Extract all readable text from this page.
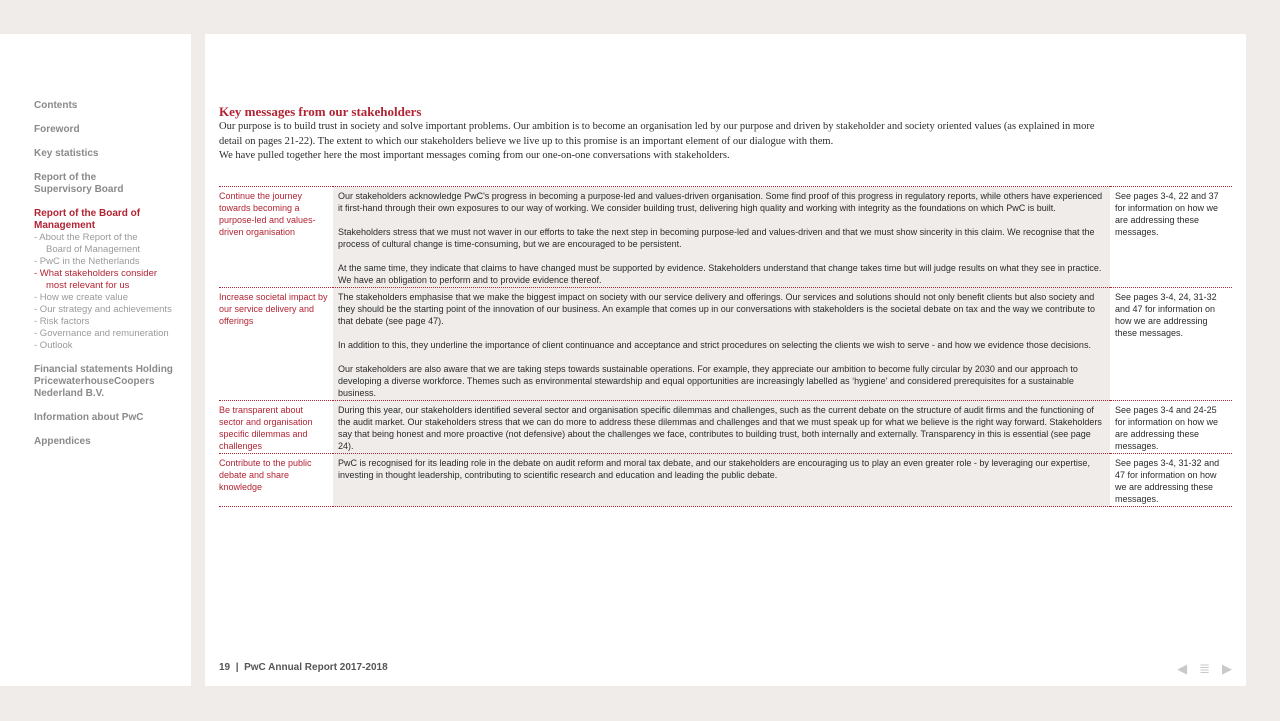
Contents
Foreword
Key statistics
Report of the Supervisory Board
Report of the Board of Management
- About the Report of the
Board of Management
- PwC in the Netherlands
- What stakeholders consider
most relevant for us
- How we create value
- Our strategy and achievements
- Risk factors
- Governance and remuneration
- Outlook
Financial statements Holding PricewaterhouseCoopers Nederland B.V.
Information about PwC
Appendices
Key messages from our stakeholders

Our purpose is to build trust in society and solve important problems. Our ambition is to become an organisation led by our purpose and driven by stakeholder and society oriented values (as explained in more detail on pages 21-22). The extent to which our stakeholders believe we live up to this promise is an important element of our dialogue with them.

We have pulled together here the most important messages coming from our one-on-one conversations with stakeholders.

Continue the journey towards becoming a purpose-led and values-driven organisation	Our stakeholders acknowledge PwC's progress in becoming a purpose-led and values-driven organisation. Some find proof of this progress in regulatory reports, while others have experienced it first-hand through their own exposures to our way of working. We consider building trust, delivering high quality and working with integrity as the foundations on which PwC is built.

Stakeholders stress that we must not waver in our efforts to take the next step in becoming purpose-led and values-driven and that we must show sincerity in this claim. We recognise that the process of cultural change is time-consuming, but we are encouraged to be persistent.

At the same time, they indicate that claims to have changed must be supported by evidence. Stakeholders understand that change takes time but will judge results on what they see in practice. We have an obligation to perform and to provide evidence thereof.	See pages 3-4, 22 and 37 for information on how we are addressing these messages.
Increase societal impact by our service delivery and offerings	The stakeholders emphasise that we make the biggest impact on society with our service delivery and offerings. Our services and solutions should not only benefit clients but also society and they should be the starting point of the innovation of our business. An example that comes up in our conversations with stakeholders is the societal debate on tax and the way we contribute to that debate (see page 47).

In addition to this, they underline the importance of client continuance and acceptance and strict procedures on selecting the clients we wish to serve - and how we evidence those decisions.

Our stakeholders are also aware that we are taking steps towards sustainable operations. For example, they appreciate our ambition to become fully circular by 2030 and our approach to developing a diverse workforce. Themes such as environmental stewardship and equal opportunities are increasingly labelled as ‘hygiene’ and considered prerequisites for a sustainable business.	See pages 3-4, 24, 31-32 and 47 for information on how we are addressing these messages.
Be transparent about sector and organisation specific dilemmas and challenges	During this year, our stakeholders identified several sector and organisation specific dilemmas and challenges, such as the current debate on the structure of audit firms and the functioning of the audit market. Our stakeholders stress that we can do more to address these dilemmas and challenges and that we must speak up for what we believe is the right way forward. Stakeholders say that being honest and more proactive (not defensive) about the challenges we face, contributes to building trust, both internally and externally. Transparency in this is essential (see page 24).	See pages 3-4 and 24-25 for information on how we are addressing these messages.
Contribute to the public debate and share knowledge	PwC is recognised for its leading role in the debate on audit reform and moral tax debate, and our stakeholders are encouraging us to play an even greater role - by leveraging our expertise, investing in thought leadership, contributing to scientific research and education and leading the public debate.	See pages 3-4, 31-32 and 47 for information on how we are addressing these messages.
19 | PwC Annual Report 2017-2018	◀ ≣ ▶
